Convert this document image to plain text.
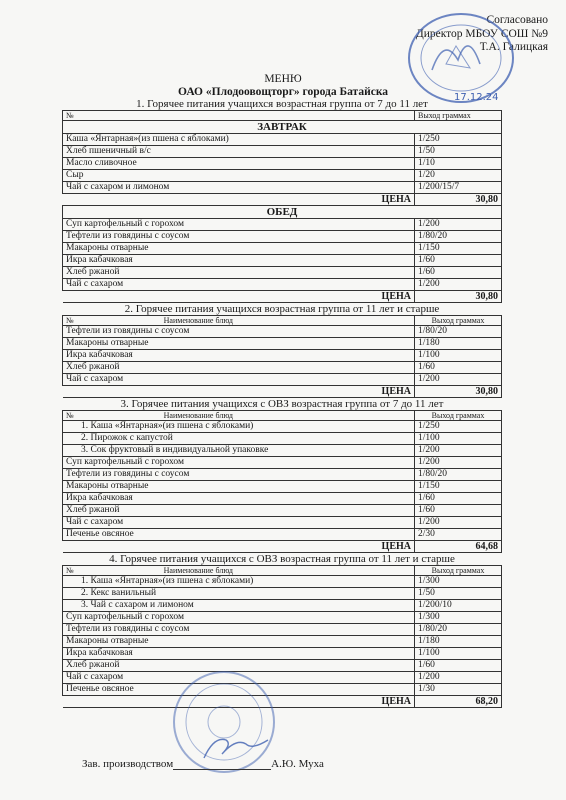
Согласовано
Директор МБОУ СОШ №9
Т.А. Галицкая
17.12.24
МЕНЮ
ОАО «Плодоовощторг» города Батайска
1. Горячее питания учащихся возрастная группа от 7 до 11 лет
№	Выход граммах
ЗАВТРАК	
Каша «Янтарная»(из пшена с яблоками)	1/250
Хлеб пшеничный в/с	1/50
Масло сливочное	1/10
Сыр	1/20
Чай с сахаром и лимоном	1/200/15/7
ЦЕНА	30,80
ОБЕД	
Суп картофельный с горохом	1/200
Тефтели из говядины с соусом	1/80/20
Макароны отварные	1/150
Икра кабачковая	1/60
Хлеб ржаной	1/60
Чай с сахаром	1/200
ЦЕНА	30,80
2. Горячее питания учащихся возрастная группа от 11 лет и старше
№ Наименование блюд	Выход граммах
Тефтели из говядины с соусом	1/80/20
Макароны отварные	1/180
Икра кабачковая	1/100
Хлеб ржаной	1/60
Чай с сахаром	1/200
ЦЕНА	30,80
3. Горячее питания учащихся с ОВЗ возрастная группа от 7 до 11 лет
№ Наименование блюд	Выход граммах
1. Каша «Янтарная»(из пшена с яблоками)	1/250
2. Пирожок с капустой	1/100
3. Сок фруктовый в индивидуальной упаковке	1/200
Суп картофельный с горохом	1/200
Тефтели из говядины с соусом	1/80/20
Макароны отварные	1/150
Икра кабачковая	1/60
Хлеб ржаной	1/60
Чай с сахаром	1/200
Печенье овсяное	2/30
ЦЕНА	64,68
4. Горячее питания учащихся с ОВЗ возрастная группа от 11 лет и старше
№ Наименование блюд	Выход граммах
1. Каша «Янтарная»(из пшена с яблоками)	1/300
2. Кекс ванильный	1/50
3. Чай с сахаром и лимоном	1/200/10
Суп картофельный с горохом	1/300
Тефтели из говядины с соусом	1/80/20
Макароны отварные	1/180
Икра кабачковая	1/100
Хлеб ржаной	1/60
Чай с сахаром	1/200
Печенье овсяное	1/30
ЦЕНА	68,20
Зав. производством	А.Ю. Муха
